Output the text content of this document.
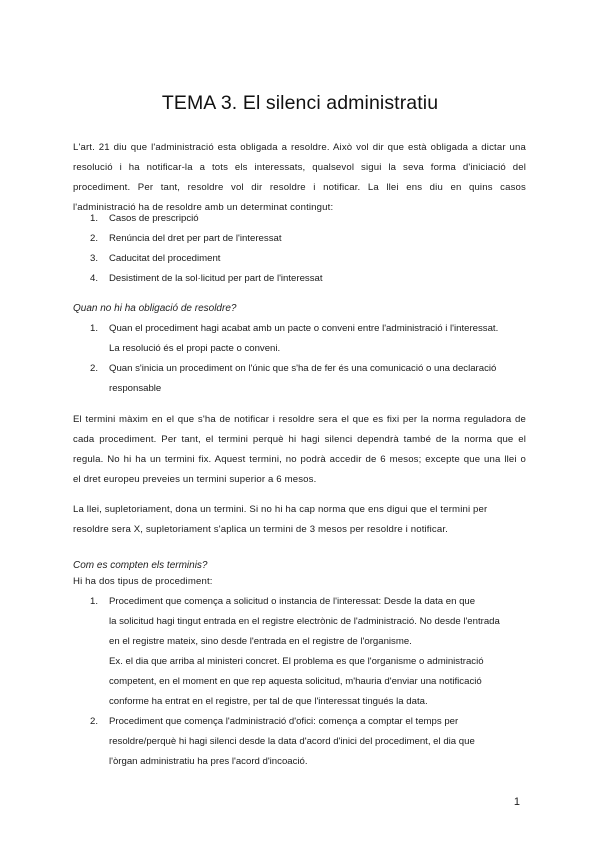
TEMA 3. El silenci administratiu
L'art. 21 diu que l'administració esta obligada a resoldre. Això vol dir que està obligada a dictar una
resolució i ha notificar-la a tots els interessats, qualsevol sigui la seva forma d'iniciació del
procediment. Per tant, resoldre vol dir resoldre i notificar. La llei ens diu en quins casos
l'administració ha de resoldre amb un determinat contingut:
1. Casos de prescripció
2. Renúncia del dret per part de l'interessat
3. Caducitat del procediment
4. Desistiment de la sol·licitud per part de l'interessat
Quan no hi ha obligació de resoldre?
1. Quan el procediment hagi acabat amb un pacte o conveni entre l'administració i l'interessat.
La resolució és el propi pacte o conveni.
2. Quan s'inicia un procediment on l'únic que s'ha de fer és una comunicació o una declaració
responsable
El termini màxim en el que s'ha de notificar i resoldre sera el que es fixi per la norma reguladora de
cada procediment. Per tant, el termini perquè hi hagi silenci dependrà també de la norma que el
regula. No hi ha un termini fix. Aquest termini, no podrà accedir de 6 mesos; excepte que una llei o
el dret europeu preveies un termini superior a 6 mesos.
La llei, supletoriament, dona un termini. Si no hi ha cap norma que ens digui que el termini per
resoldre sera X, supletoriament s'aplica un termini de 3 mesos per resoldre i notificar.
Com es compten els terminis?
Hi ha dos tipus de procediment:
1. Procediment que comença a solicitud o instancia de l'interessat: Desde la data en que
la solicitud hagi tingut entrada en el registre electrònic de l'administració. No desde l'entrada
en el registre mateix, sino desde l'entrada en el registre de l'organisme.
Ex. el dia que arriba al ministeri concret. El problema es que l'organisme o administració
competent, en el moment en que rep aquesta solicitud, m'hauria d'enviar una notificació
conforme ha entrat en el registre, per tal de que l'interessat tingués la data.
2. Procediment que comença l'administració d'ofici: comença a comptar el temps per
resoldre/perquè hi hagi silenci desde la data d'acord d'inici del procediment, el dia que
l'òrgan administratiu ha pres l'acord d'incoació.
1
